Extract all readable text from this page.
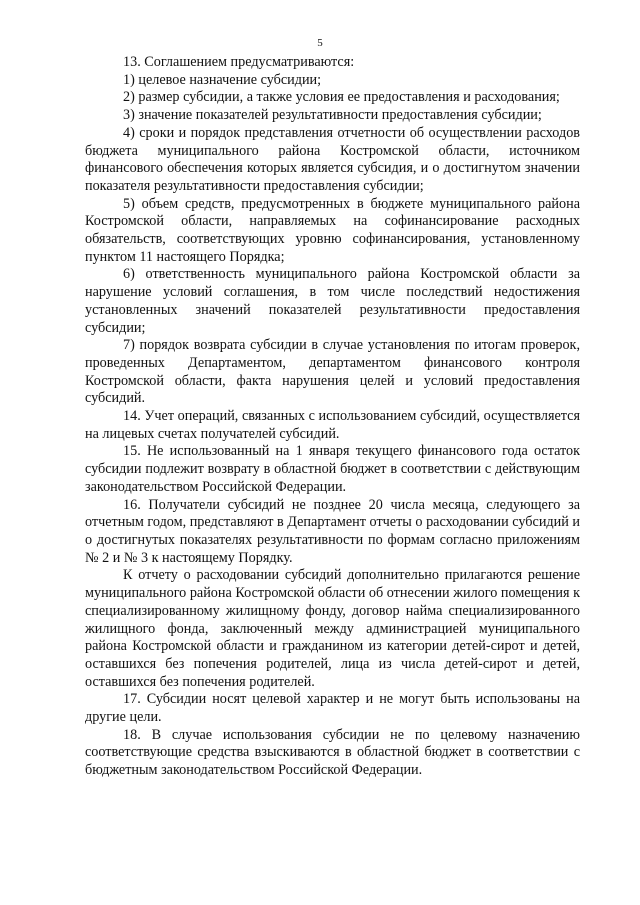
5

13. Соглашением предусматриваются:

1) целевое назначение субсидии;

2) размер субсидии, а также условия ее предоставления и расходования;

3) значение показателей результативности предоставления субсидии;

4) сроки и порядок представления отчетности об осуществлении расходов бюджета муниципального района Костромской области, источником финансового обеспечения которых является субсидия, и о достигнутом значении показателя результативности предоставления субсидии;

5) объем средств, предусмотренных в бюджете муниципального района Костромской области, направляемых на софинансирование расходных обязательств, соответствующих уровню софинансирования, установленному пунктом 11 настоящего Порядка;

6) ответственность муниципального района Костромской области за нарушение условий соглашения, в том числе последствий недостижения установленных значений показателей результативности предоставления субсидии;

7) порядок возврата субсидии в случае установления по итогам проверок, проведенных Департаментом, департаментом финансового контроля Костромской области, факта нарушения целей и условий предоставления субсидий.

14. Учет операций, связанных с использованием субсидий, осуществляется на лицевых счетах получателей субсидий.

15. Не использованный на 1 января текущего финансового года остаток субсидии подлежит возврату в областной бюджет в соответствии с действующим законодательством Российской Федерации.

16. Получатели субсидий не позднее 20 числа месяца, следующего за отчетным годом, представляют в Департамент отчеты о расходовании субсидий и о достигнутых показателях результативности по формам согласно приложениям № 2 и № 3 к настоящему Порядку.

К отчету о расходовании субсидий дополнительно прилагаются решение муниципального района Костромской области об отнесении жилого помещения к специализированному жилищному фонду, договор найма специализированного жилищного фонда, заключенный между администрацией муниципального района Костромской области и гражданином из категории детей-сирот и детей, оставшихся без попечения родителей, лица из числа детей-сирот и детей, оставшихся без попечения родителей.

17. Субсидии носят целевой характер и не могут быть использованы на другие цели.

18. В случае использования субсидии не по целевому назначению соответствующие средства взыскиваются в областной бюджет в соответствии с бюджетным законодательством Российской Федерации.
